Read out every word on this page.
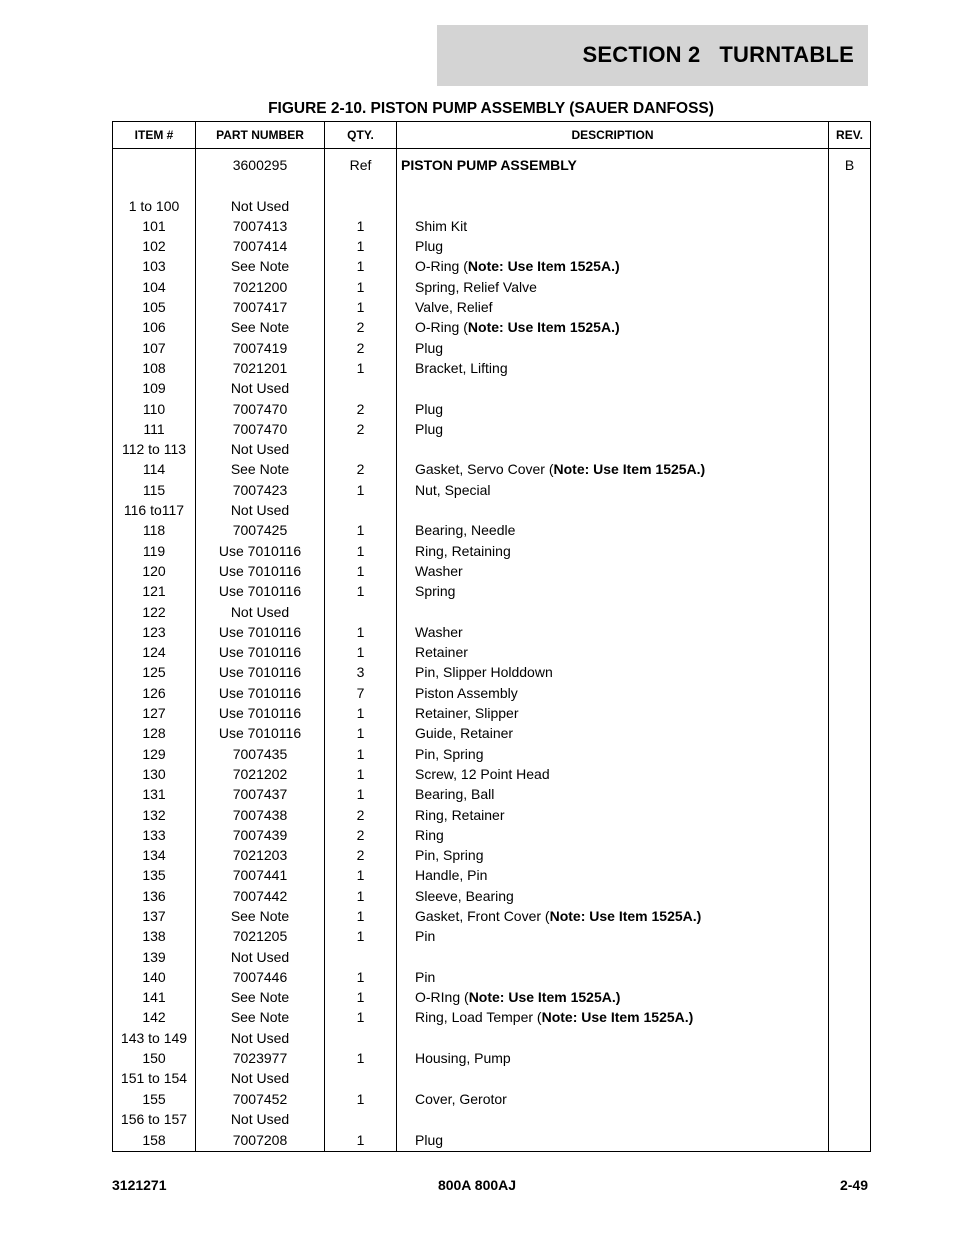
SECTION 2   TURNTABLE
FIGURE 2-10. PISTON PUMP ASSEMBLY (SAUER DANFOSS)
ITEM #	PART NUMBER	QTY.	DESCRIPTION	REV.
	3600295	Ref	PISTON PUMP ASSEMBLY	B

1 to 100	Not Used			
101	7007413	1	Shim Kit	
102	7007414	1	Plug	
103	See Note	1	O-Ring (Note: Use Item 1525A.)	
104	7021200	1	Spring, Relief Valve	
105	7007417	1	Valve, Relief	
106	See Note	2	O-Ring (Note: Use Item 1525A.)	
107	7007419	2	Plug	
108	7021201	1	Bracket, Lifting	
109	Not Used			
110	7007470	2	Plug	
111	7007470	2	Plug	
112 to 113	Not Used			
114	See Note	2	Gasket, Servo Cover (Note: Use Item 1525A.)	
115	7007423	1	Nut, Special	
116 to117	Not Used			
118	7007425	1	Bearing, Needle	
119	Use 7010116	1	Ring, Retaining	
120	Use 7010116	1	Washer	
121	Use 7010116	1	Spring	
122	Not Used			
123	Use 7010116	1	Washer	
124	Use 7010116	1	Retainer	
125	Use 7010116	3	Pin, Slipper Holddown	
126	Use 7010116	7	Piston Assembly	
127	Use 7010116	1	Retainer, Slipper	
128	Use 7010116	1	Guide, Retainer	
129	7007435	1	Pin, Spring	
130	7021202	1	Screw, 12 Point Head	
131	7007437	1	Bearing, Ball	
132	7007438	2	Ring, Retainer	
133	7007439	2	Ring	
134	7021203	2	Pin, Spring	
135	7007441	1	Handle, Pin	
136	7007442	1	Sleeve, Bearing	
137	See Note	1	Gasket, Front Cover (Note: Use Item 1525A.)	
138	7021205	1	Pin	
139	Not Used			
140	7007446	1	Pin	
141	See Note	1	O-RIng (Note: Use Item 1525A.)	
142	See Note	1	Ring, Load Temper (Note: Use Item 1525A.)	
143 to 149	Not Used			
150	7023977	1	Housing, Pump	
151 to 154	Not Used			
155	7007452	1	Cover, Gerotor	
156 to 157	Not Used			
158	7007208	1	Plug	
3121271	800A 800AJ	2-49
